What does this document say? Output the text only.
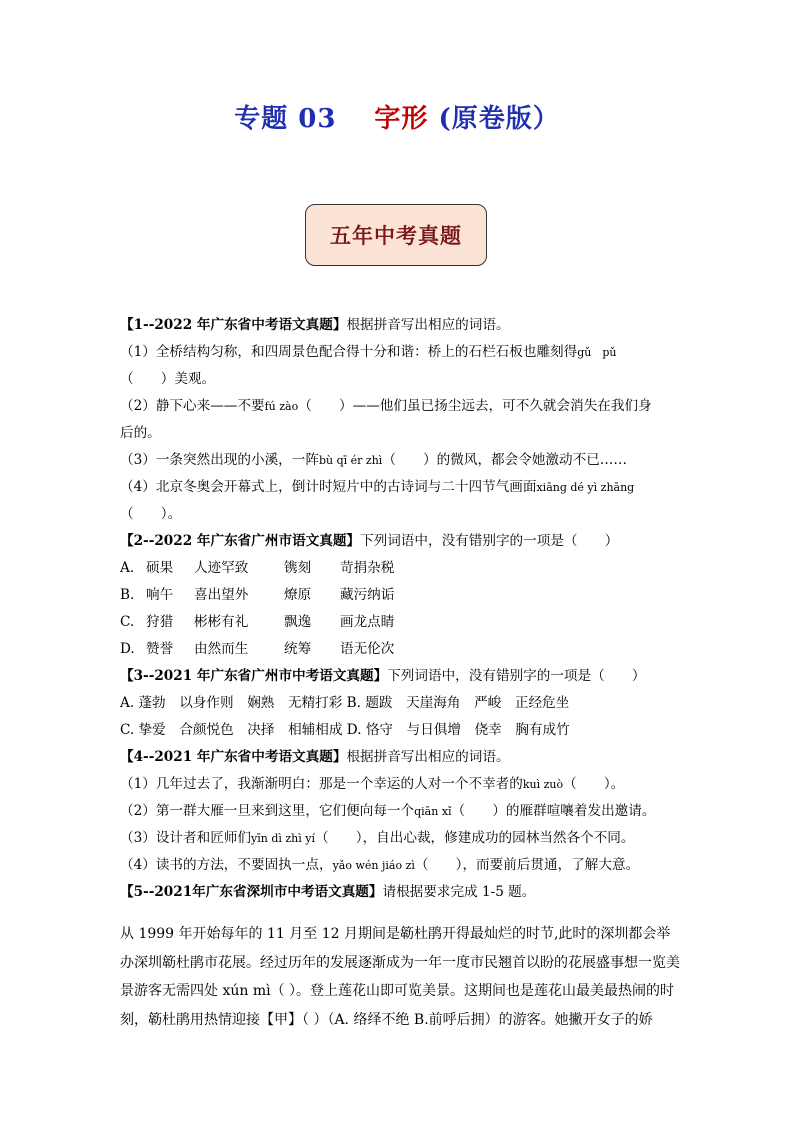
专题 03 字形 (原卷版）
五年中考真题
【1--2022 年广东省中考语文真题】根据拼音写出相应的词语。
（1）全桥结构匀称，和四周景色配合得十分和谐：桥上的石栏石板也雕刻得gǔ　pǔ
（　　）美观。
（2）静下心来——不要fú zào（　　）——他们虽已扬尘远去，可不久就会消失在我们身
后的。
（3）一条突然出现的小溪，一阵bù qī ér zhì（　　）的微风，都会令她激动不已……
（4）北京冬奥会开幕式上，倒计时短片中的古诗词与二十四节气画面xiāng dé yì zhāng
（　　）。
【2--2022 年广东省广州市语文真题】下列词语中，没有错别字的一项是（　　）
A. 硕果 人迹罕致	镌刻 苛捐杂税
B. 响午 喜出望外	燎原 藏污纳诟
C. 狩猎 彬彬有礼	飘逸 画龙点睛
D. 赞誉 由然而生	统筹 语无伦次
【3--2021 年广东省广州市中考语文真题】下列词语中，没有错别字的一项是（　　）
A. 蓬勃　以身作则　娴熟　无精打彩 B. 题跋　天崖海角　严峻　正经危坐
C. 挚爱　合颜悦色　决择　相辅相成 D. 恪守　与日俱增　侥幸　胸有成竹
【4--2021 年广东省中考语文真题】根据拼音写出相应的词语。
（1）几年过去了，我渐渐明白：那是一个幸运的人对一个不幸者的kuì zuò（　　）。
（2）第一群大雁一旦来到这里，它们便向每一个qiān xǐ（　　）的雁群喧嚷着发出邀请。
（3）设计者和匠师们yīn dì zhì yí（　　），自出心裁，修建成功的园林当然各个不同。
（4）读书的方法，不要固执一点，yǎo wén jiáo zì（　　），而要前后贯通，了解大意。
【5--2021年广东省深圳市中考语文真题】请根据要求完成 1-5 题。
从 1999 年开始每年的 11 月至 12 月期间是簕杜鹃开得最灿烂的时节,此时的深圳都会举
办深圳簕杜鹃市花展。经过历年的发展逐渐成为一年一度市民翘首以盼的花展盛事想一览美
景游客无需四处 xún mì（ ）。登上莲花山即可览美景。这期间也是莲花山最美最热闹的时
刻，簕杜鹃用热情迎接【甲】（ ）（A. 络绎不绝 B.前呼后拥）的游客。她撇开女子的娇
